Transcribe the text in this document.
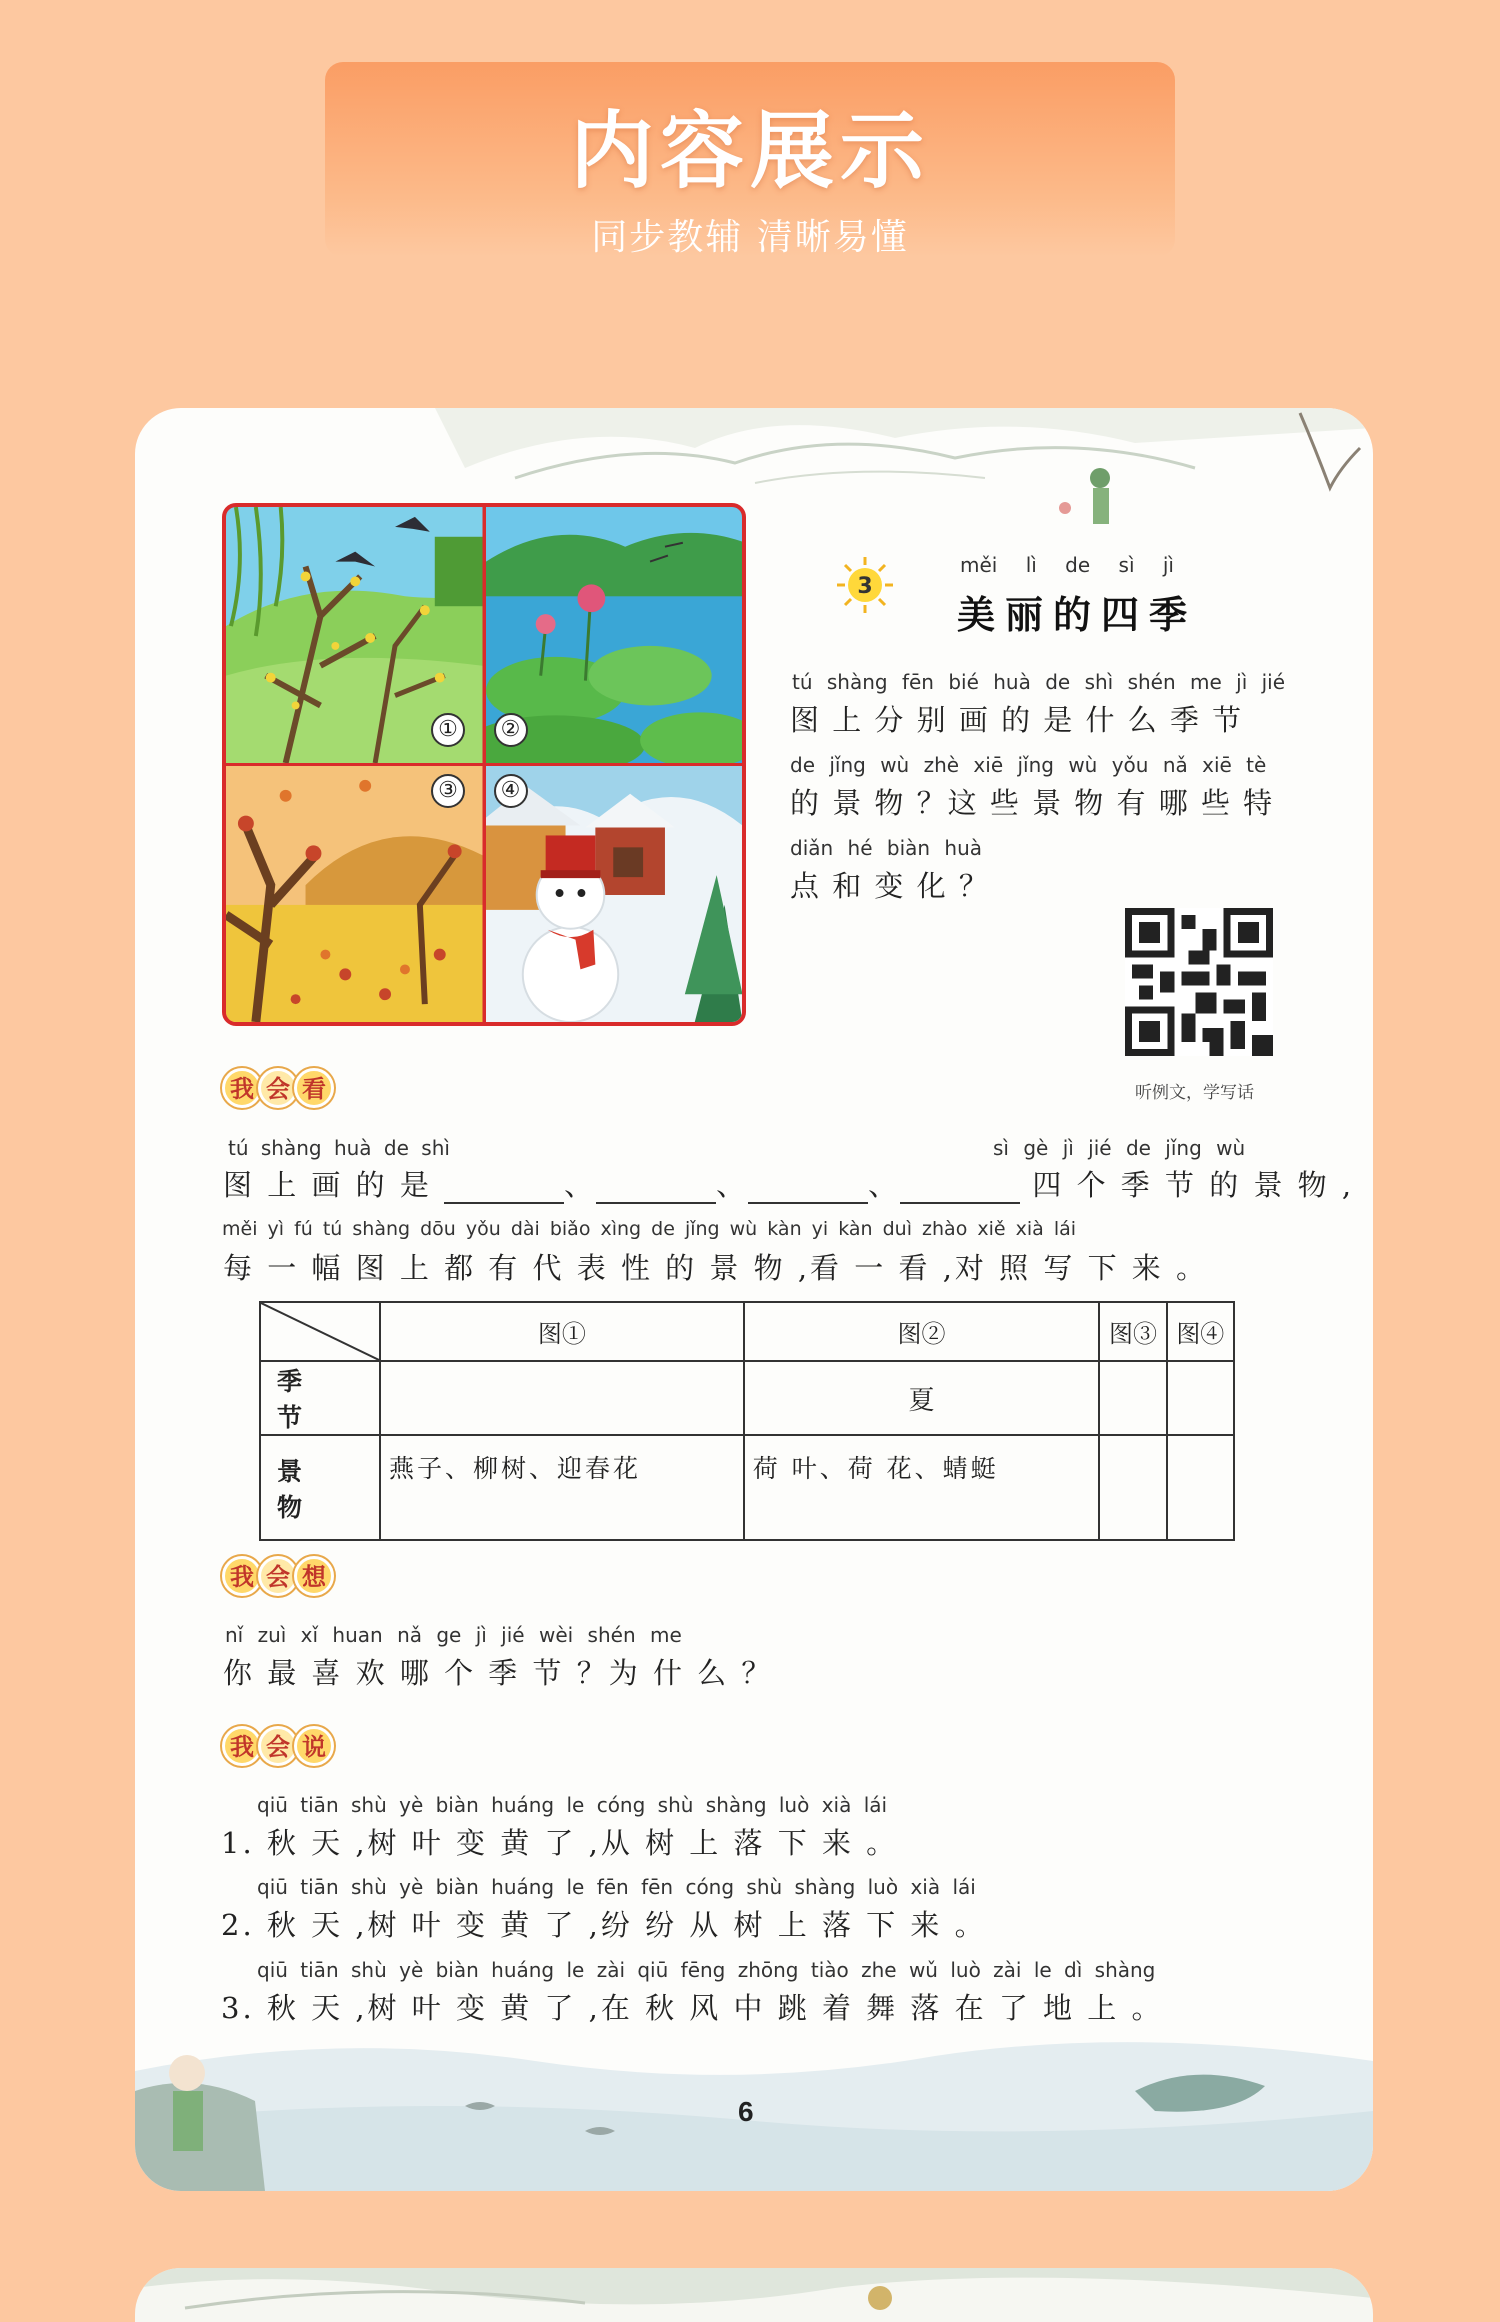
内容展示
同步教辅 清晰易懂
①	②
③	④
3
měi lì de sì jì
美丽的四季
tú shàng fēn bié huà de shì shén me jì jié
图 上 分 别 画 的 是 什 么 季 节
de jǐng wù zhè xiē jǐng wù yǒu nǎ xiē tè
的 景 物 ？这 些 景 物 有 哪 些 特
diǎn hé biàn huà
点 和 变 化 ？
听例文，学写话
我 会 看
tú shàng huà de shì	sì gè jì jié de jǐng wù
图 上 画 的 是	、	、	、	四 个 季 节 的 景 物 ,
měi yì fú tú shàng dōu yǒu dài biǎo xìng de jǐng wù kàn yi kàn duì zhào xiě xià lái
每 一 幅 图 上 都 有 代 表 性 的 景 物 ,看 一 看 ,对 照 写 下 来 。
	图①	图②	图③	图④
季　节		夏		
景　物	燕子、柳树、迎春花	荷 叶、荷 花、蜻蜓		
我 会 想
nǐ zuì xǐ huan nǎ ge jì jié wèi shén me
你 最 喜 欢 哪 个 季 节 ？为 什 么 ？
我 会 说
qiū tiān shù yè biàn huáng le cóng shù shàng luò xià lái
1. 秋 天 ,树 叶 变 黄 了 ,从 树 上 落 下 来 。
qiū tiān shù yè biàn huáng le fēn fēn cóng shù shàng luò xià lái
2. 秋 天 ,树 叶 变 黄 了 ,纷 纷 从 树 上 落 下 来 。
qiū tiān shù yè biàn huáng le zài qiū fēng zhōng tiào zhe wǔ luò zài le dì shàng
3. 秋 天 ,树 叶 变 黄 了 ,在 秋 风 中 跳 着 舞 落 在 了 地 上 。
6
